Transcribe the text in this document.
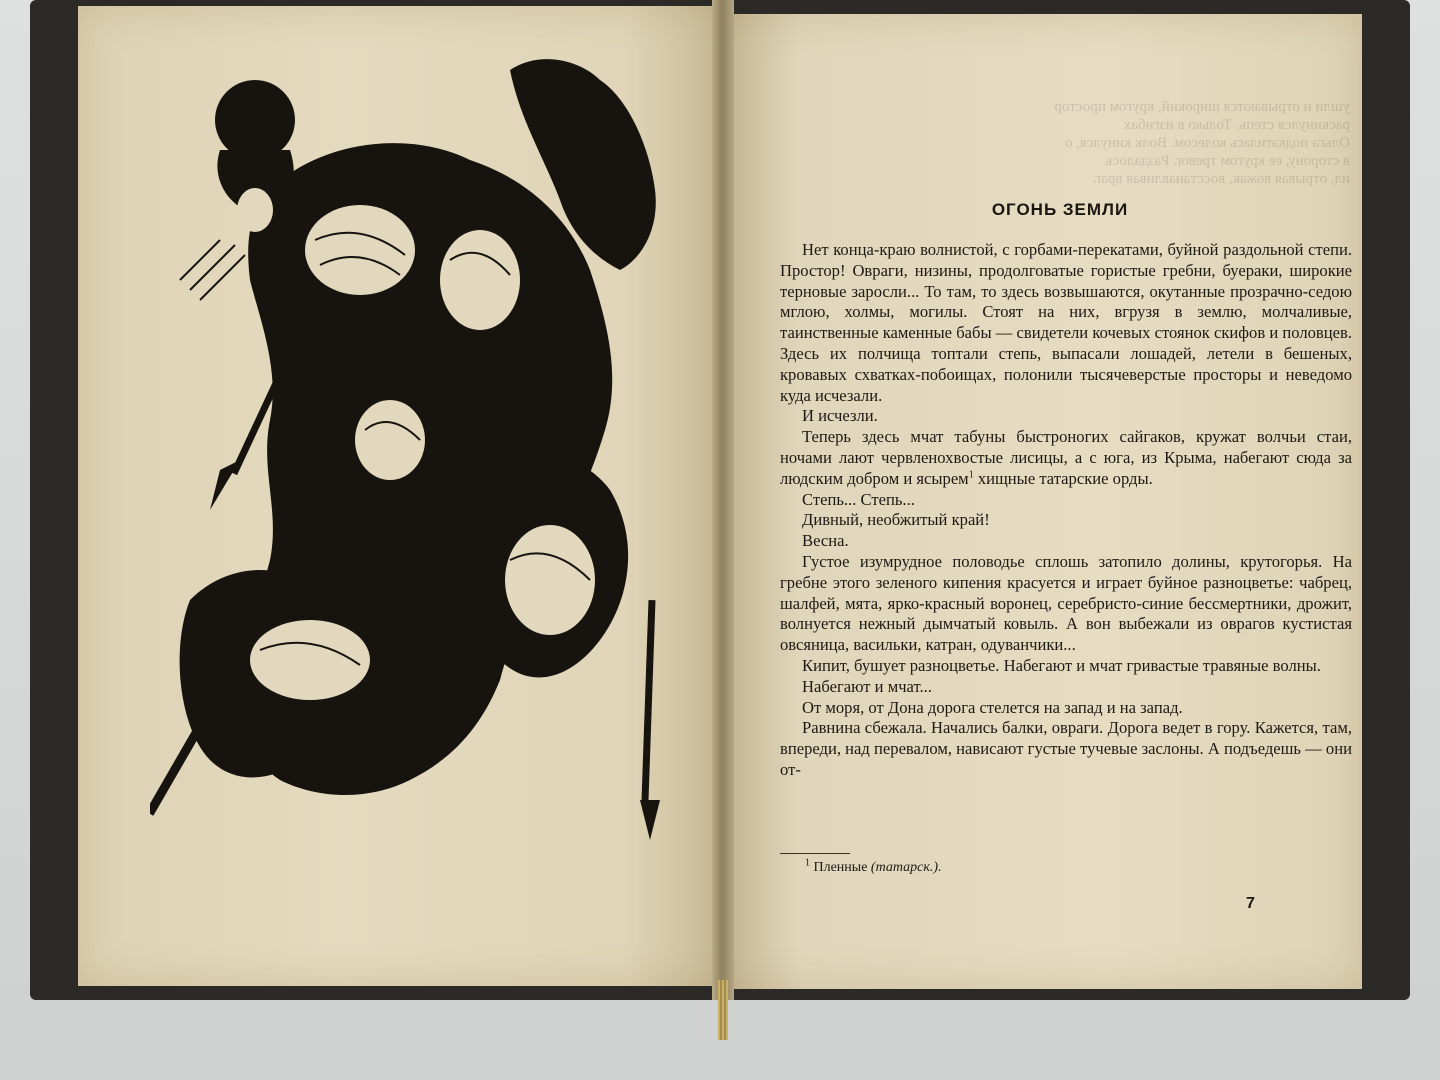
ушли и отрываются широкий, кругом простор
раскинулся степь. Только в изгибах
Ольга подкатилась колесом. Волк кинулся, о
в сторону, ее кругом тревог. Раздалось
ил, отрывая вожак, восстанавливая враг.
ОГОНЬ ЗЕМЛИ

Нет конца-краю волнистой, с горбами-перекатами, буйной раздольной степи. Простор! Овраги, низины, продолговатые гористые гребни, буераки, широкие терновые заросли... То там, то здесь возвышаются, окутанные прозрачно-седою мглою, холмы, могилы. Стоят на них, вгрузя в землю, молчаливые, таинственные каменные бабы — свидетели кочевых стоянок скифов и половцев. Здесь их полчища топтали степь, выпасали лошадей, летели в бешеных, кровавых схватках-побоищах, полонили тысячеверстые просторы и неведомо куда исчезали.

И исчезли.

Теперь здесь мчат табуны быстроногих сайгаков, кружат волчьи стаи, ночами лают червленохвостые лисицы, а с юга, из Крыма, набегают сюда за людским добром и ясырем$^1$ хищные татарские орды.

Степь... Степь...

Дивный, необжитый край!

Весна.

Густое изумрудное половодье сплошь затопило долины, крутогорья. На гребне этого зеленого кипения красуется и играет буйное разноцветье: чабрец, шалфей, мята, ярко-красный воронец, серебристо-синие бессмертники, дрожит, волнуется нежный дымчатый ковыль. А вон выбежали из оврагов кустистая овсяница, васильки, катран, одуванчики...

Кипит, бушует разноцветье. Набегают и мчат гривастые травяные волны.

Набегают и мчат...

От моря, от Дона дорога стелется на запад и на запад.

Равнина сбежала. Начались балки, овраги. Дорога ведет в гору. Кажется, там, впереди, над перевалом, нависают густые тучевые заслоны. А подъедешь — они от-

$^1$ Пленные (татарск.).
7
